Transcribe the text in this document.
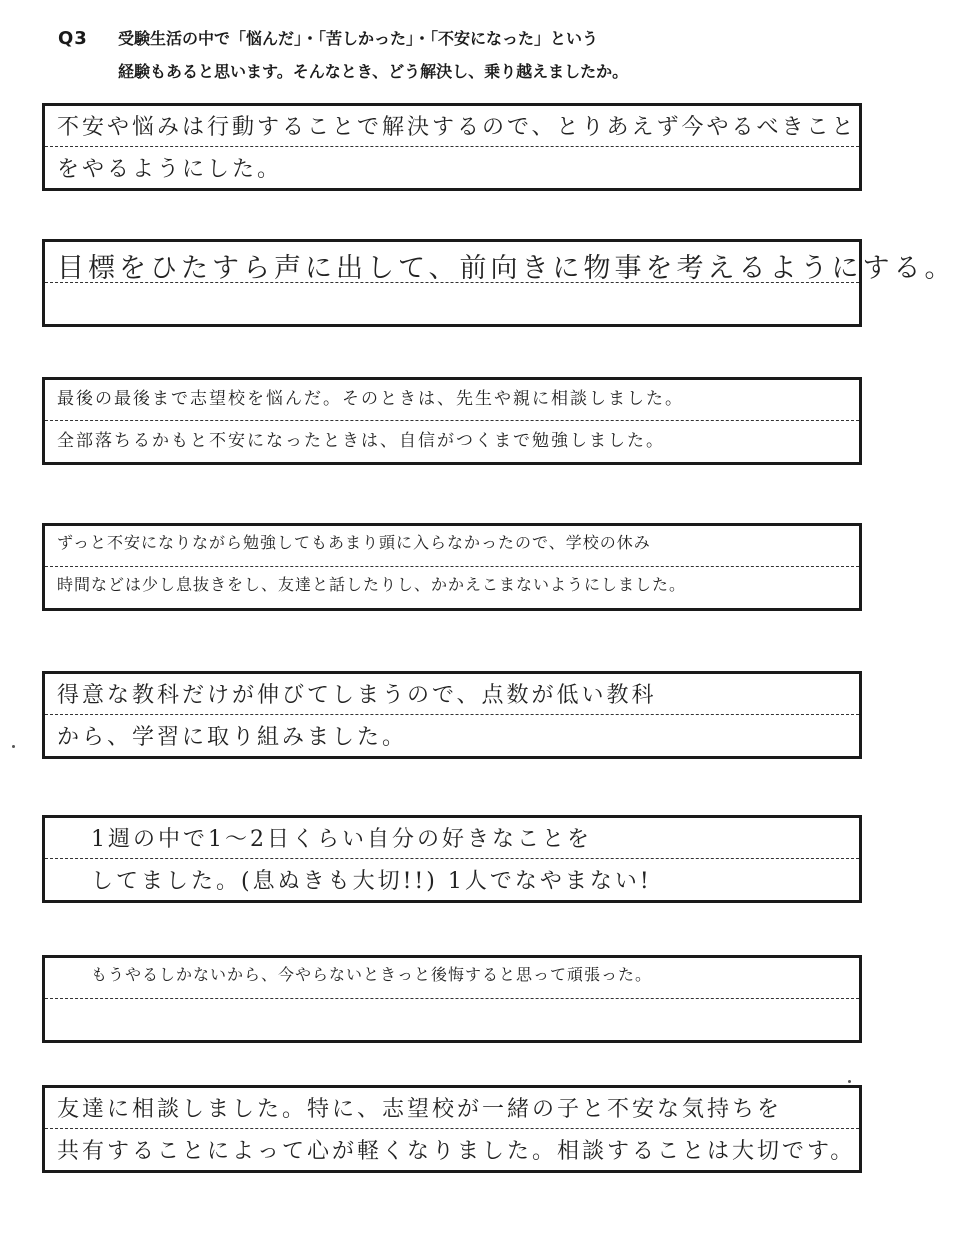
Q3 受験生活の中で「悩んだ」・「苦しかった」・「不安になった」という
経験もあると思います。そんなとき、どう解決し、乗り越えましたか。
不安や悩みは行動することで解決するので、とりあえず今やるべきこと
をやるようにした。
目標をひたすら声に出して、前向きに物事を考えるようにする。
最後の最後まで志望校を悩んだ。そのときは、先生や親に相談しました。
全部落ちるかもと不安になったときは、自信がつくまで勉強しました。
ずっと不安になりながら勉強してもあまり頭に入らなかったので、学校の休み
時間などは少し息抜きをし、友達と話したりし、かかえこまないようにしました。
得意な教科だけが伸びてしまうので、点数が低い教科
から、学習に取り組みました。
1週の中で1〜2日くらい自分の好きなことを
してました。(息ぬきも大切!!) 1人でなやまない!
もうやるしかないから、今やらないときっと後悔すると思って頑張った。
友達に相談しました。特に、志望校が一緒の子と不安な気持ちを
共有することによって心が軽くなりました。相談することは大切です。
